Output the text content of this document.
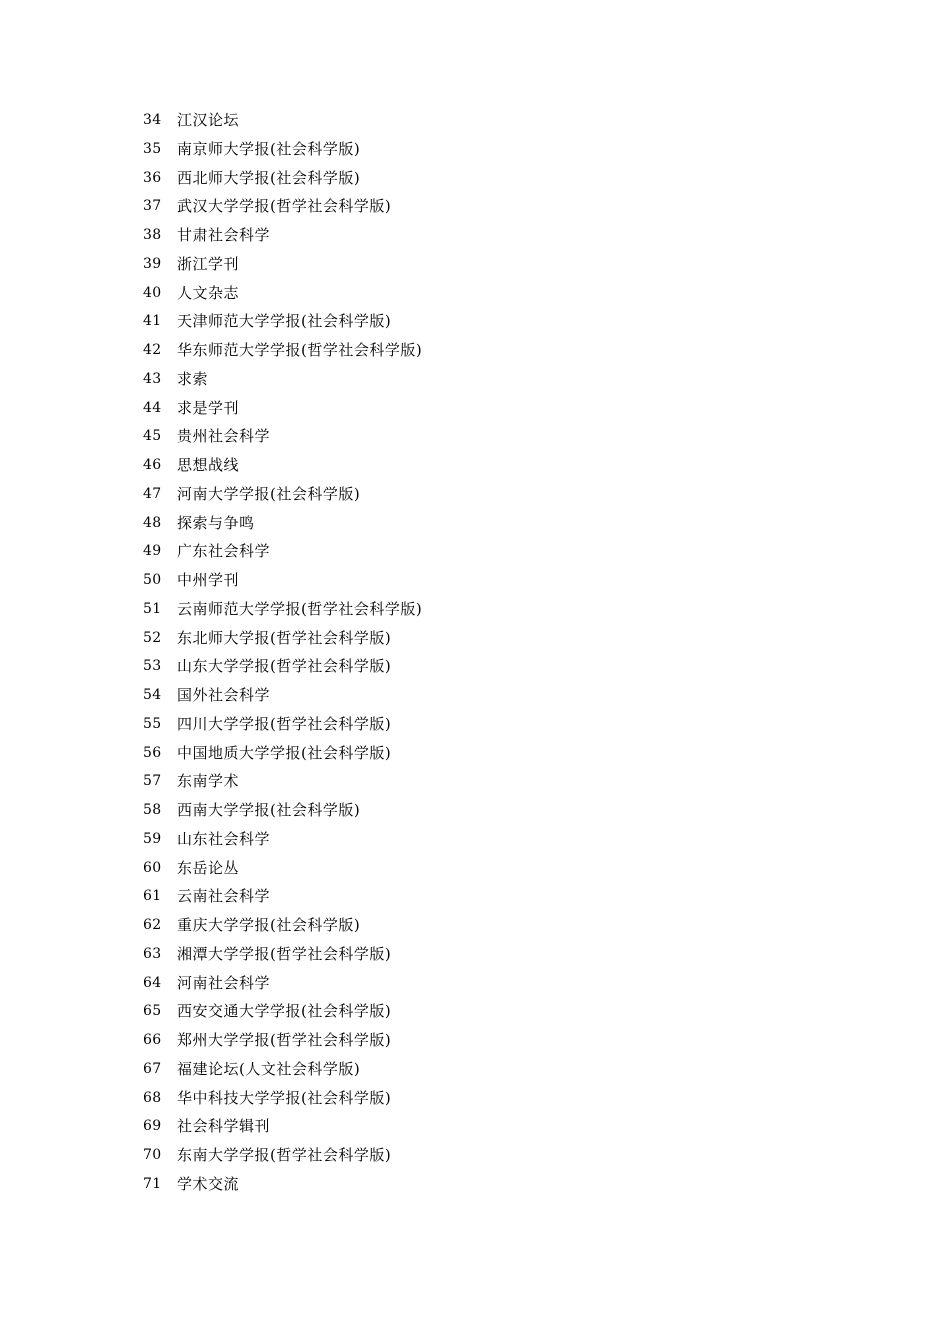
34	江汉论坛
35	南京师大学报(社会科学版)
36	西北师大学报(社会科学版)
37	武汉大学学报(哲学社会科学版)
38	甘肃社会科学
39	浙江学刊
40	人文杂志
41	天津师范大学学报(社会科学版)
42	华东师范大学学报(哲学社会科学版)
43	求索
44	求是学刊
45	贵州社会科学
46	思想战线
47	河南大学学报(社会科学版)
48	探索与争鸣
49	广东社会科学
50	中州学刊
51	云南师范大学学报(哲学社会科学版)
52	东北师大学报(哲学社会科学版)
53	山东大学学报(哲学社会科学版)
54	国外社会科学
55	四川大学学报(哲学社会科学版)
56	中国地质大学学报(社会科学版)
57	东南学术
58	西南大学学报(社会科学版)
59	山东社会科学
60	东岳论丛
61	云南社会科学
62	重庆大学学报(社会科学版)
63	湘潭大学学报(哲学社会科学版)
64	河南社会科学
65	西安交通大学学报(社会科学版)
66	郑州大学学报(哲学社会科学版)
67	福建论坛(人文社会科学版)
68	华中科技大学学报(社会科学版)
69	社会科学辑刊
70	东南大学学报(哲学社会科学版)
71	学术交流
